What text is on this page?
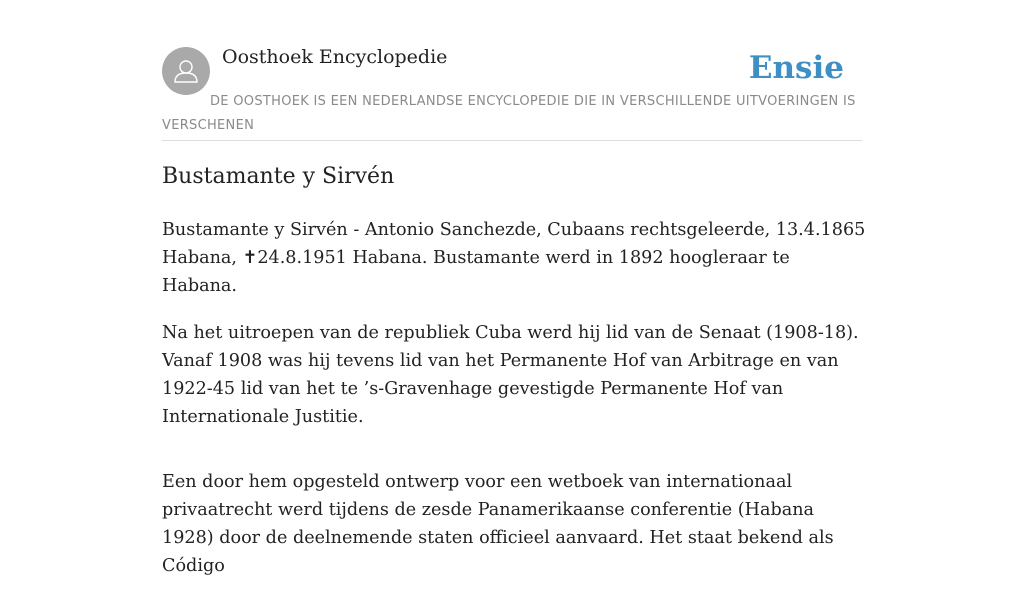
Oosthoek Encyclopedie	Ensie
DE OOSTHOEK IS EEN NEDERLANDSE ENCYCLOPEDIE DIE IN VERSCHILLENDE UITVOERINGEN IS VERSCHENEN
Bustamante y Sirvén

Bustamante y Sirvén - Antonio Sanchezde, Cubaans rechtsgeleerde, 13.4.1865 Habana, ✝24.8.1951 Habana. Bustamante werd in 1892 hoogleraar te Habana.

Na het uitroepen van de republiek Cuba werd hij lid van de Senaat (1908-18). Vanaf 1908 was hij tevens lid van het Permanente Hof van Arbitrage en van 1922-45 lid van het te ’s-Gravenhage gevestigde Permanente Hof van Internationale Justitie.

Een door hem opgesteld ontwerp voor een wetboek van internationaal privaatrecht werd tijdens de zesde Panamerikaanse conferentie (Habana 1928) door de deelnemende staten officieel aanvaard. Het staat bekend als Código
